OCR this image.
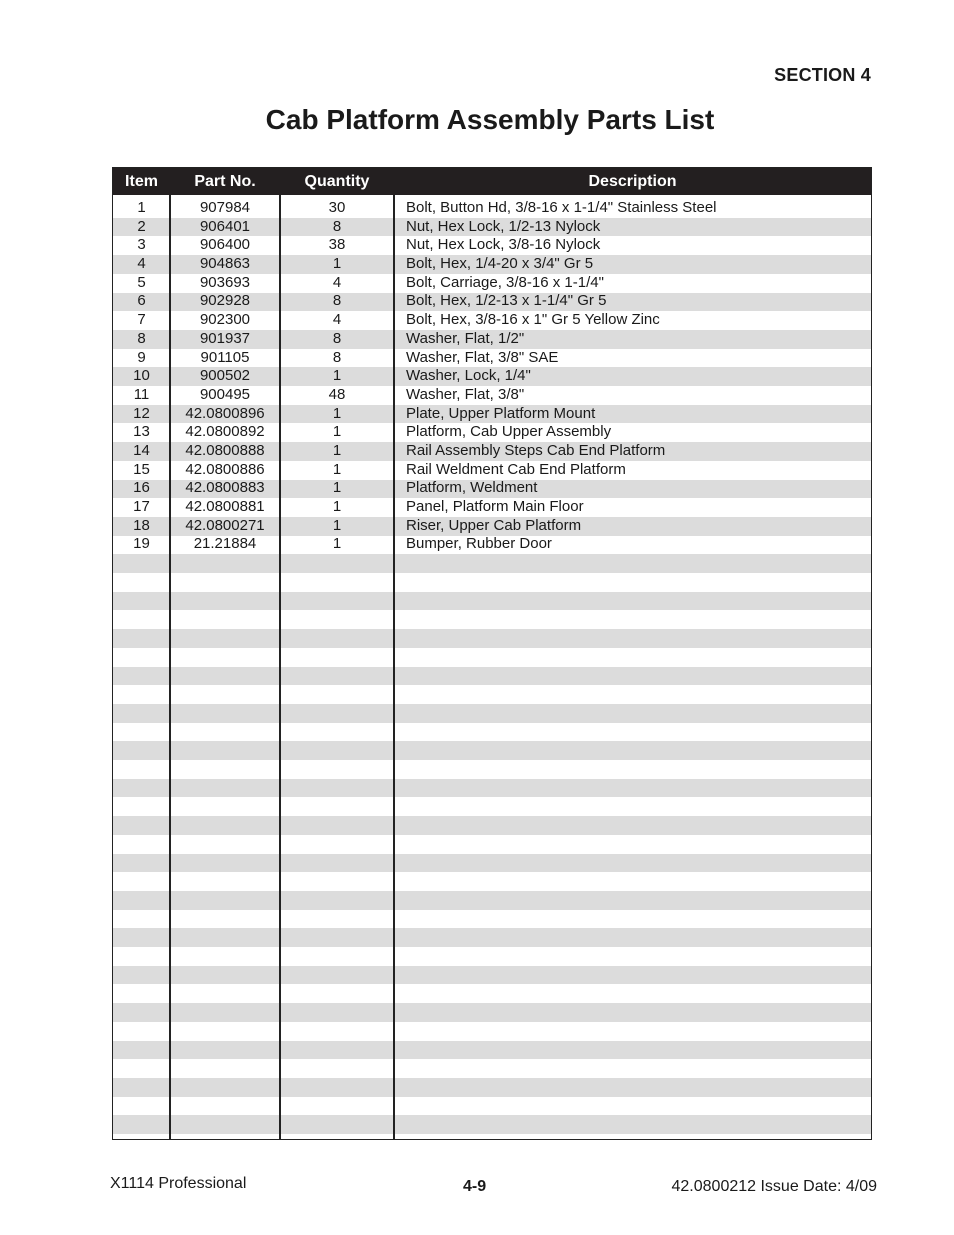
SECTION 4
Cab Platform Assembly Parts List
Item	Part No.	Quantity	Description
1	907984	30	Bolt, Button Hd, 3/8-16 x 1-1/4" Stainless Steel
2	906401	8	Nut, Hex Lock, 1/2-13 Nylock
3	906400	38	Nut, Hex Lock, 3/8-16 Nylock
4	904863	1	Bolt, Hex, 1/4-20 x 3/4" Gr 5
5	903693	4	Bolt, Carriage, 3/8-16 x 1-1/4"
6	902928	8	Bolt, Hex, 1/2-13 x 1-1/4" Gr 5
7	902300	4	Bolt, Hex, 3/8-16 x 1" Gr 5 Yellow Zinc
8	901937	8	Washer, Flat, 1/2"
9	901105	8	Washer, Flat, 3/8" SAE
10	900502	1	Washer, Lock, 1/4"
11	900495	48	Washer, Flat, 3/8"
12	42.0800896	1	Plate, Upper Platform Mount
13	42.0800892	1	Platform, Cab Upper Assembly
14	42.0800888	1	Rail Assembly Steps Cab End Platform
15	42.0800886	1	Rail Weldment Cab End Platform
16	42.0800883	1	Platform, Weldment
17	42.0800881	1	Panel, Platform Main Floor
18	42.0800271	1	Riser, Upper Cab Platform
19	21.21884	1	Bumper, Rubber Door
X1114 Professional	4-9	42.0800212 Issue Date: 4/09
